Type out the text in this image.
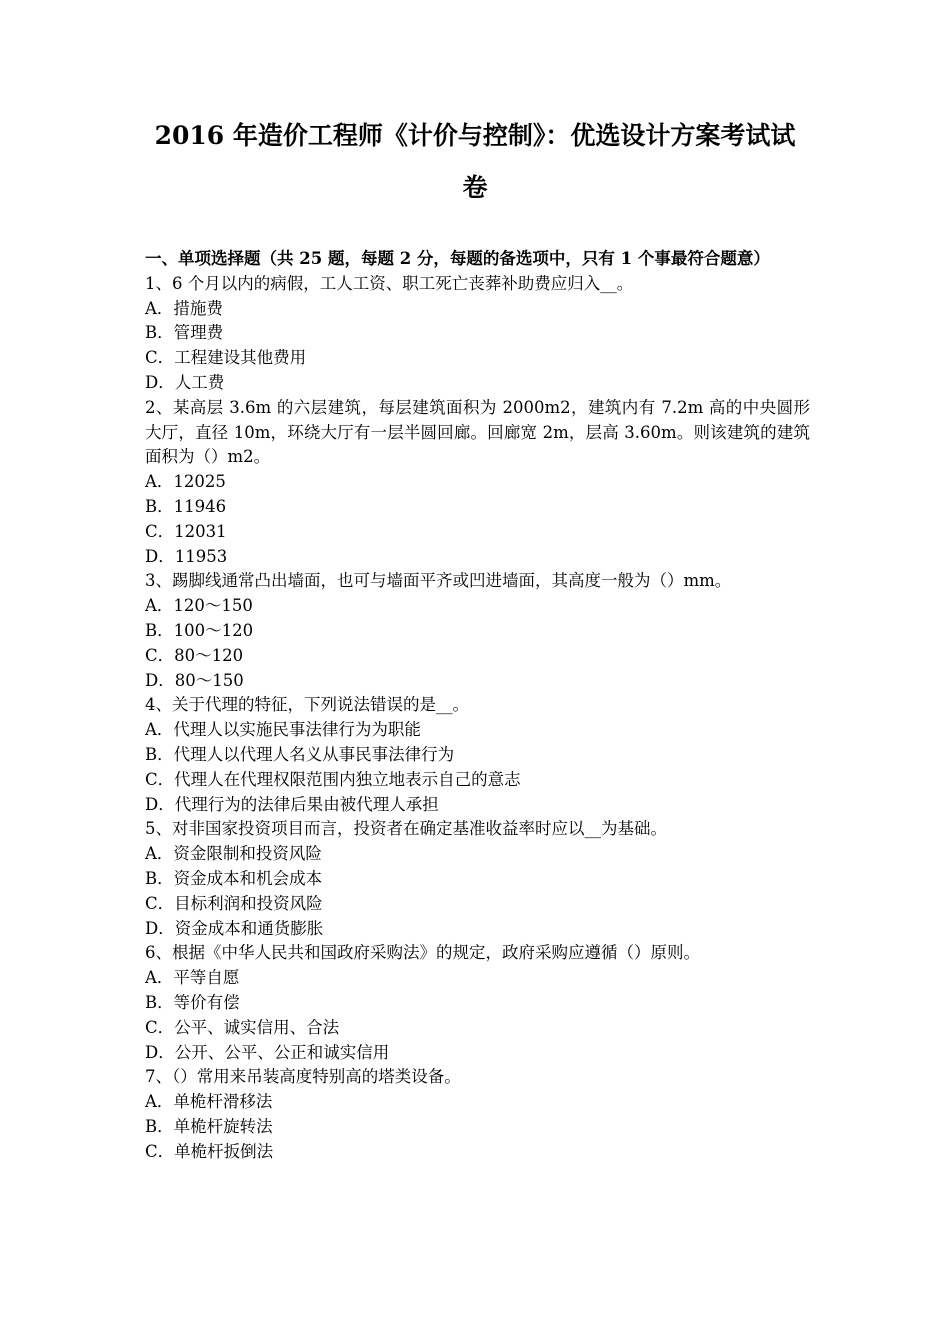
2016 年造价工程师《计价与控制》：优选设计方案考试试
卷
一、单项选择题（共 25 题，每题 2 分，每题的备选项中，只有 1 个事最符合题意）
1、6 个月以内的病假，工人工资、职工死亡丧葬补助费应归入__。
A．措施费
B．管理费
C．工程建设其他费用
D．人工费
2、某高层 3.6m 的六层建筑，每层建筑面积为 2000m2，建筑内有 7.2m 高的中央圆形大厅，直径 10m，环绕大厅有一层半圆回廊。回廊宽 2m，层高 3.60m。则该建筑的建筑面积为（）m2。
A．12025
B．11946
C．12031
D．11953
3、踢脚线通常凸出墙面，也可与墙面平齐或凹进墙面，其高度一般为（）mm。
A．120～150
B．100～120
C．80～120
D．80～150
4、关于代理的特征，下列说法错误的是__。
A．代理人以实施民事法律行为为职能
B．代理人以代理人名义从事民事法律行为
C．代理人在代理权限范围内独立地表示自己的意志
D．代理行为的法律后果由被代理人承担
5、对非国家投资项目而言，投资者在确定基准收益率时应以__为基础。
A．资金限制和投资风险
B．资金成本和机会成本
C．目标利润和投资风险
D．资金成本和通货膨胀
6、根据《中华人民共和国政府采购法》的规定，政府采购应遵循（）原则。
A．平等自愿
B．等价有偿
C．公平、诚实信用、合法
D．公开、公平、公正和诚实信用
7、（）常用来吊装高度特别高的塔类设备。
A．单桅杆滑移法
B．单桅杆旋转法
C．单桅杆扳倒法
